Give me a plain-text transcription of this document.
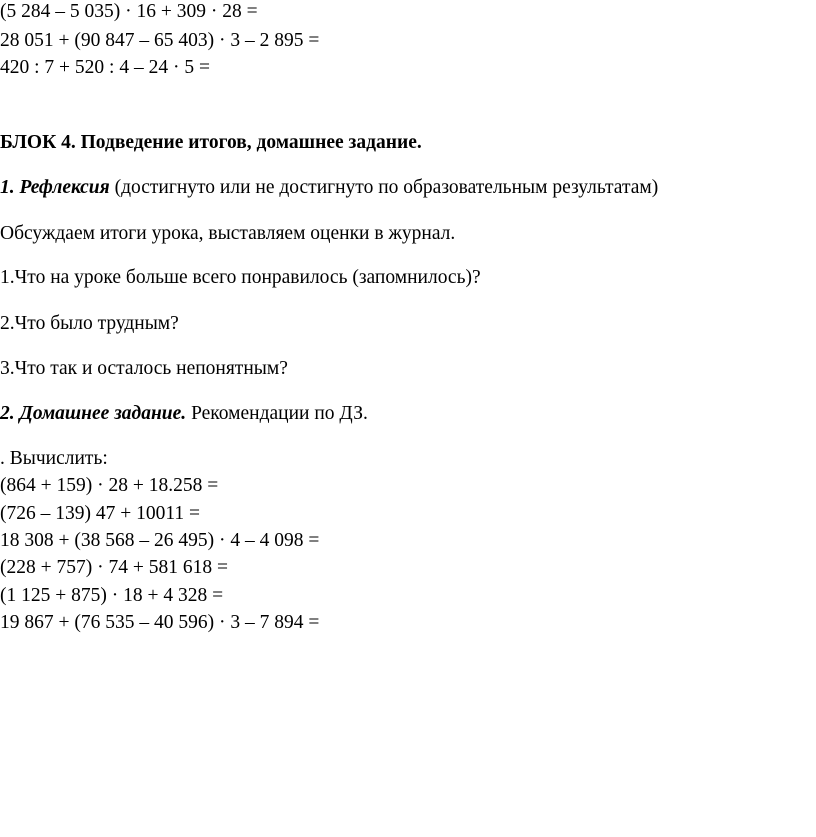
(5 284 – 5 035) · 16 + 309 · 28 =
28 051 + (90 847 – 65 403) · 3 – 2 895 =
420 : 7 + 520 : 4 – 24 · 5 =
БЛОК 4. Подведение итогов, домашнее задание.
1. Рефлексия (достигнуто или не достигнуто по образовательным результатам)
Обсуждаем итоги урока, выставляем оценки в журнал.
1.Что на уроке больше всего понравилось (запомнилось)?
2.Что было трудным?
3.Что так и осталось непонятным?
2. Домашнее задание. Рекомендации по ДЗ.
. Вычислить:
(864 + 159) · 28 + 18.258 =
(726 – 139) 47 + 10011 =
18 308 + (38 568 – 26 495) · 4 – 4 098 =
(228 + 757) · 74 + 581 618 =
(1 125 + 875) · 18 + 4 328 =
19 867 + (76 535 – 40 596) · 3 – 7 894 =
